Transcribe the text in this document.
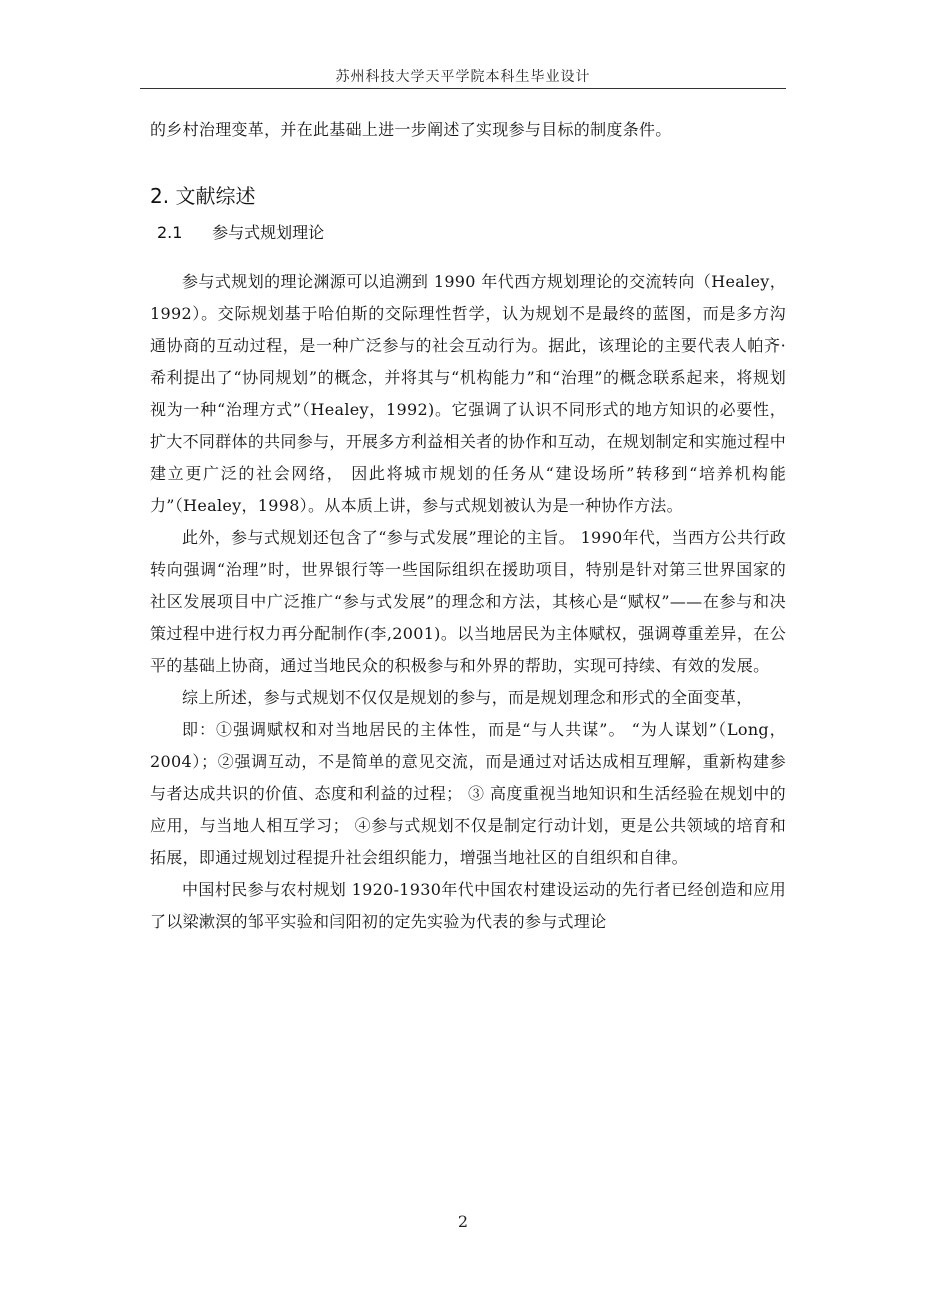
苏州科技大学天平学院本科生毕业设计
的乡村治理变革，并在此基础上进一步阐述了实现参与目标的制度条件。
2. 文献综述
2.1 参与式规划理论

参与式规划的理论渊源可以追溯到 1990 年代西方规划理论的交流转向（Healey，1992）。交际规划基于哈伯斯的交际理性哲学，认为规划不是最终的蓝图，而是多方沟通协商的互动过程，是一种广泛参与的社会互动行为。据此，该理论的主要代表人帕齐·希利提出了“协同规划”的概念，并将其与“机构能力”和“治理”的概念联系起来，将规划视为一种“治理方式”（Healey，1992)。它强调了认识不同形式的地方知识的必要性，扩大不同群体的共同参与，开展多方利益相关者的协作和互动，在规划制定和实施过程中建立更广泛的社会网络， 因此将城市规划的任务从“建设场所”转移到“培养机构能力”（Healey，1998）。从本质上讲，参与式规划被认为是一种协作方法。

此外，参与式规划还包含了“参与式发展”理论的主旨。 1990年代，当西方公共行政转向强调“治理”时，世界银行等一些国际组织在援助项目，特别是针对第三世界国家的社区发展项目中广泛推广“参与式发展”的理念和方法，其核心是“赋权”——在参与和决策过程中进行权力再分配制作(李,2001)。以当地居民为主体赋权，强调尊重差异，在公平的基础上协商，通过当地民众的积极参与和外界的帮助，实现可持续、有效的发展。

综上所述，参与式规划不仅仅是规划的参与，而是规划理念和形式的全面变革，

即：①强调赋权和对当地居民的主体性，而是“与人共谋”。 “为人谋划”（Long，2004）；②强调互动，不是简单的意见交流，而是通过对话达成相互理解，重新构建参与者达成共识的价值、态度和利益的过程； ③ 高度重视当地知识和生活经验在规划中的应用，与当地人相互学习； ④参与式规划不仅是制定行动计划，更是公共领域的培育和拓展，即通过规划过程提升社会组织能力，增强当地社区的自组织和自律。

中国村民参与农村规划 1920-1930年代中国农村建设运动的先行者已经创造和应用了以梁漱溟的邹平实验和闫阳初的定先实验为代表的参与式理论

2
